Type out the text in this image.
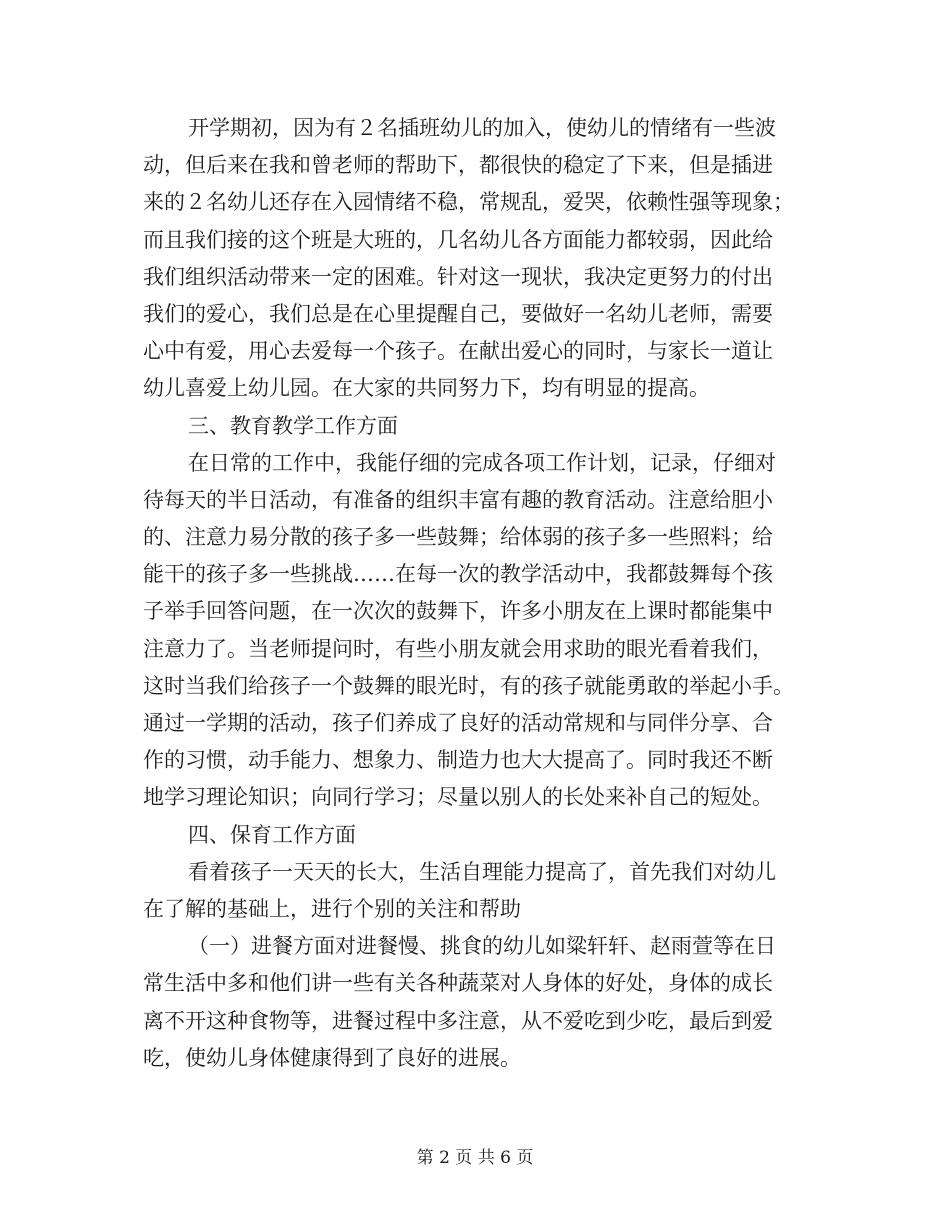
开学期初，因为有２名插班幼儿的加入，使幼儿的情绪有一些波
动，但后来在我和曾老师的帮助下，都很快的稳定了下来，但是插进
来的２名幼儿还存在入园情绪不稳，常规乱，爱哭，依赖性强等现象；
而且我们接的这个班是大班的，几名幼儿各方面能力都较弱，因此给
我们组织活动带来一定的困难。针对这一现状，我决定更努力的付出
我们的爱心，我们总是在心里提醒自己，要做好一名幼儿老师，需要
心中有爱，用心去爱每一个孩子。在献出爱心的同时，与家长一道让
幼儿喜爱上幼儿园。在大家的共同努力下，均有明显的提高。
三、教育教学工作方面
在日常的工作中，我能仔细的完成各项工作计划，记录，仔细对
待每天的半日活动，有准备的组织丰富有趣的教育活动。注意给胆小
的、注意力易分散的孩子多一些鼓舞；给体弱的孩子多一些照料；给
能干的孩子多一些挑战……在每一次的教学活动中，我都鼓舞每个孩
子举手回答问题，在一次次的鼓舞下，许多小朋友在上课时都能集中
注意力了。当老师提问时，有些小朋友就会用求助的眼光看着我们，
这时当我们给孩子一个鼓舞的眼光时，有的孩子就能勇敢的举起小手。
通过一学期的活动，孩子们养成了良好的活动常规和与同伴分享、合
作的习惯，动手能力、想象力、制造力也大大提高了。同时我还不断
地学习理论知识；向同行学习；尽量以别人的长处来补自己的短处。
四、保育工作方面
看着孩子一天天的长大，生活自理能力提高了，首先我们对幼儿
在了解的基础上，进行个别的关注和帮助
（一）进餐方面对进餐慢、挑食的幼儿如粱轩轩、赵雨萱等在日
常生活中多和他们讲一些有关各种蔬菜对人身体的好处，身体的成长
离不开这种食物等，进餐过程中多注意，从不爱吃到少吃，最后到爱
吃，使幼儿身体健康得到了良好的进展。
第 2 页 共 6 页
